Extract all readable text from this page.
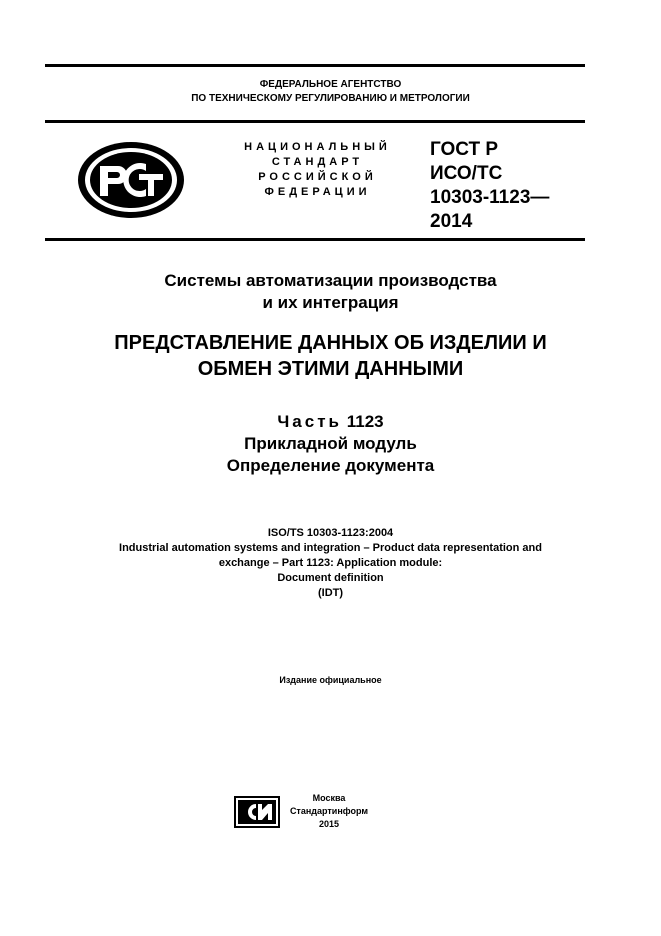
ФЕДЕРАЛЬНОЕ АГЕНТСТВО
ПО ТЕХНИЧЕСКОМУ РЕГУЛИРОВАНИЮ И МЕТРОЛОГИИ
НАЦИОНАЛЬНЫЙ
СТАНДАРТ
РОССИЙСКОЙ
ФЕДЕРАЦИИ
ГОСТ Р
ИСО/ТС
10303-1123—
2014
Системы автоматизации производства
и их интеграция
ПРЕДСТАВЛЕНИЕ ДАННЫХ ОБ ИЗДЕЛИИ И
ОБМЕН ЭТИМИ ДАННЫМИ
Часть 1123
Прикладной модуль
Определение документа
ISO/TS 10303-1123:2004
Industrial automation systems and integration – Product data representation and
exchange – Part 1123: Application module:
Document definition
(IDT)
Издание официальное
Москва
Стандартинформ
2015
